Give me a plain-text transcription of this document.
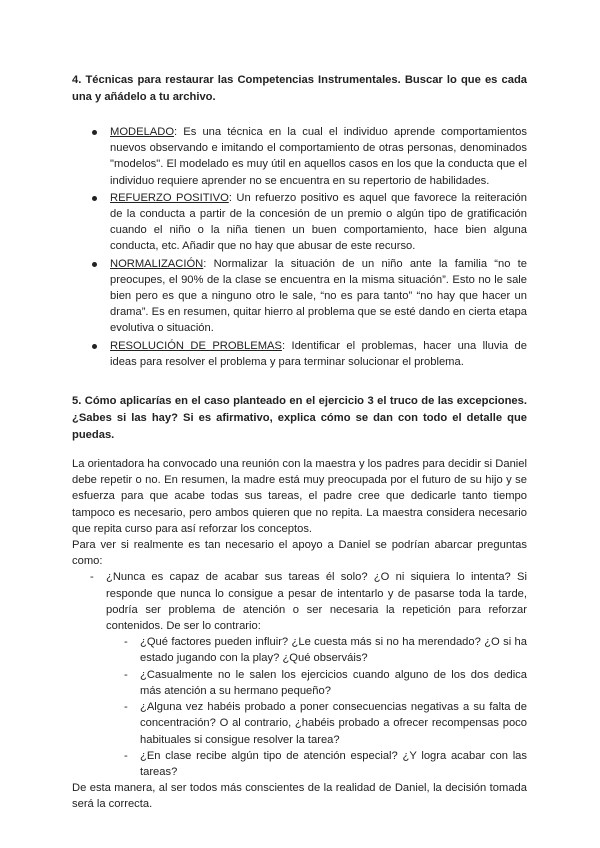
4. Técnicas para restaurar las Competencias Instrumentales. Buscar lo que es cada una y añádelo a tu archivo.

MODELADO: Es una técnica en la cual el individuo aprende comportamientos nuevos observando e imitando el comportamiento de otras personas, denominados "modelos". El modelado es muy útil en aquellos casos en los que la conducta que el individuo requiere aprender no se encuentra en su repertorio de habilidades.
REFUERZO POSITIVO: Un refuerzo positivo es aquel que favorece la reiteración de la conducta a partir de la concesión de un premio o algún tipo de gratificación cuando el niño o la niña tienen un buen comportamiento, hace bien alguna conducta, etc. Añadir que no hay que abusar de este recurso.
NORMALIZACIÓN: Normalizar la situación de un niño ante la familia “no te preocupes, el 90% de la clase se encuentra en la misma situación”. Esto no le sale bien pero es que a ninguno otro le sale, “no es para tanto” “no hay que hacer un drama”. Es en resumen, quitar hierro al problema que se esté dando en cierta etapa evolutiva o situación.
RESOLUCIÓN DE PROBLEMAS: Identificar el problemas, hacer una lluvia de ideas para resolver el problema y para terminar solucionar el problema.

5. Cómo aplicarías en el caso planteado en el ejercicio 3 el truco de las excepciones. ¿Sabes si las hay? Si es afirmativo, explica cómo se dan con todo el detalle que puedas.

La orientadora ha convocado una reunión con la maestra y los padres para decidir si Daniel debe repetir o no. En resumen, la madre está muy preocupada por el futuro de su hijo y se esfuerza para que acabe todas sus tareas, el padre cree que dedicarle tanto tiempo tampoco es necesario, pero ambos quieren que no repita. La maestra considera necesario que repita curso para así reforzar los conceptos.

Para ver si realmente es tan necesario el apoyo a Daniel se podrían abarcar preguntas como:

- ¿Nunca es capaz de acabar sus tareas él solo? ¿O ni siquiera lo intenta? Si responde que nunca lo consigue a pesar de intentarlo y de pasarse toda la tarde, podría ser problema de atención o ser necesaria la repetición para reforzar contenidos. De ser lo contrario:
- ¿Qué factores pueden influir? ¿Le cuesta más si no ha merendado? ¿O si ha estado jugando con la play? ¿Qué observáis?
- ¿Casualmente no le salen los ejercicios cuando alguno de los dos dedica más atención a su hermano pequeño?
- ¿Alguna vez habéis probado a poner consecuencias negativas a su falta de concentración? O al contrario, ¿habéis probado a ofrecer recompensas poco habituales si consigue resolver la tarea?
- ¿En clase recibe algún tipo de atención especial? ¿Y logra acabar con las tareas?

De esta manera, al ser todos más conscientes de la realidad de Daniel, la decisión tomada será la correcta.
